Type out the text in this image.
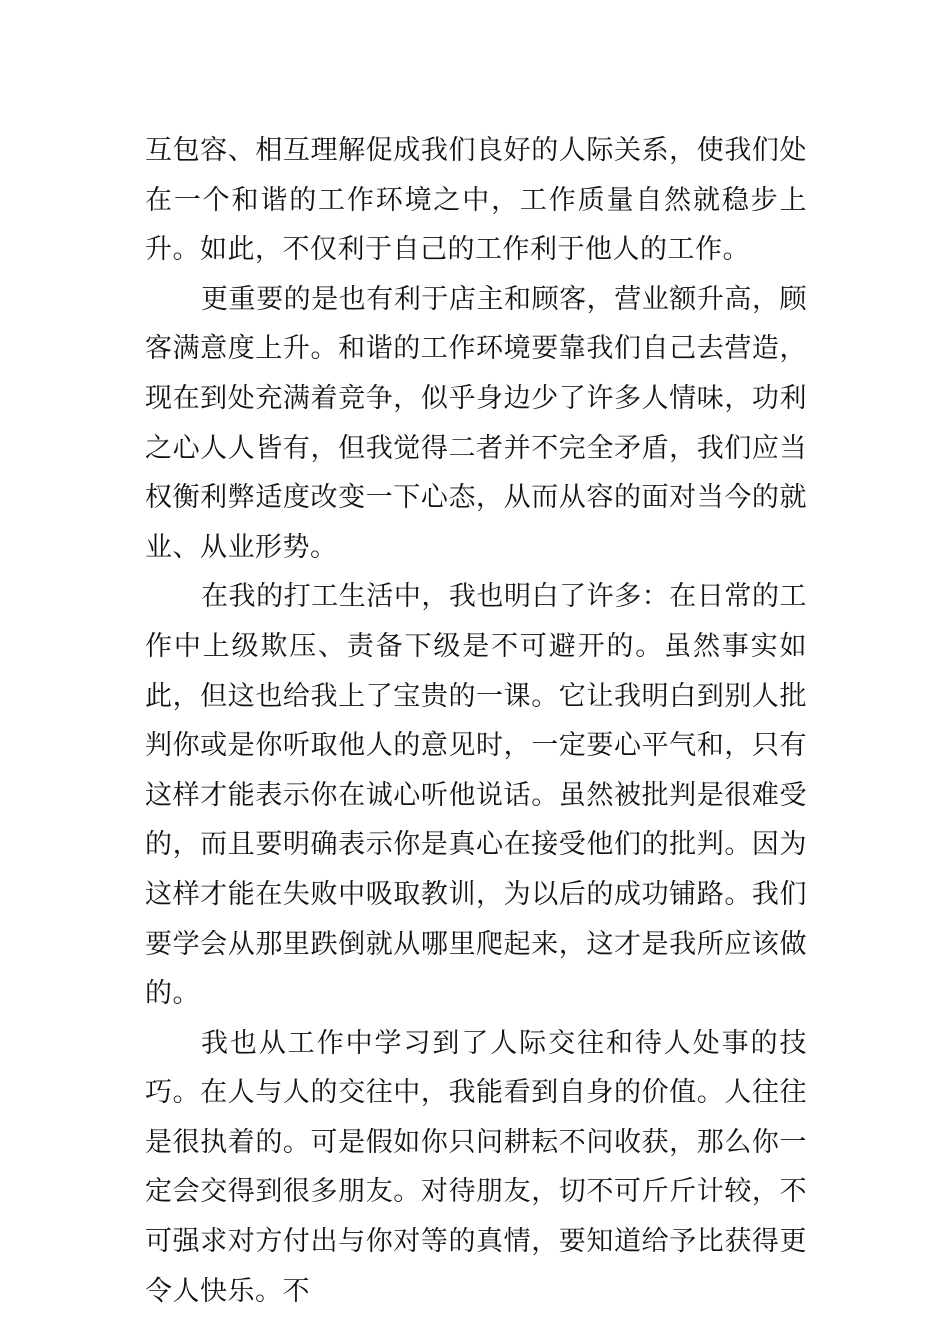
互包容、相互理解促成我们良好的人际关系，使我们处在一个和谐的工作环境之中，工作质量自然就稳步上升。如此，不仅利于自己的工作利于他人的工作。

更重要的是也有利于店主和顾客，营业额升高，顾客满意度上升。和谐的工作环境要靠我们自己去营造，现在到处充满着竞争，似乎身边少了许多人情味，功利之心人人皆有，但我觉得二者并不完全矛盾，我们应当权衡利弊适度改变一下心态，从而从容的面对当今的就业、从业形势。

在我的打工生活中，我也明白了许多：在日常的工作中上级欺压、责备下级是不可避开的。虽然事实如此，但这也给我上了宝贵的一课。它让我明白到别人批判你或是你听取他人的意见时，一定要心平气和，只有这样才能表示你在诚心听他说话。虽然被批判是很难受的，而且要明确表示你是真心在接受他们的批判。因为这样才能在失败中吸取教训，为以后的成功铺路。我们要学会从那里跌倒就从哪里爬起来，这才是我所应该做的。

我也从工作中学习到了人际交往和待人处事的技巧。在人与人的交往中，我能看到自身的价值。人往往是很执着的。可是假如你只问耕耘不问收获，那么你一定会交得到很多朋友。对待朋友，切不可斤斤计较，不可强求对方付出与你对等的真情，要知道给予比获得更令人快乐。不
